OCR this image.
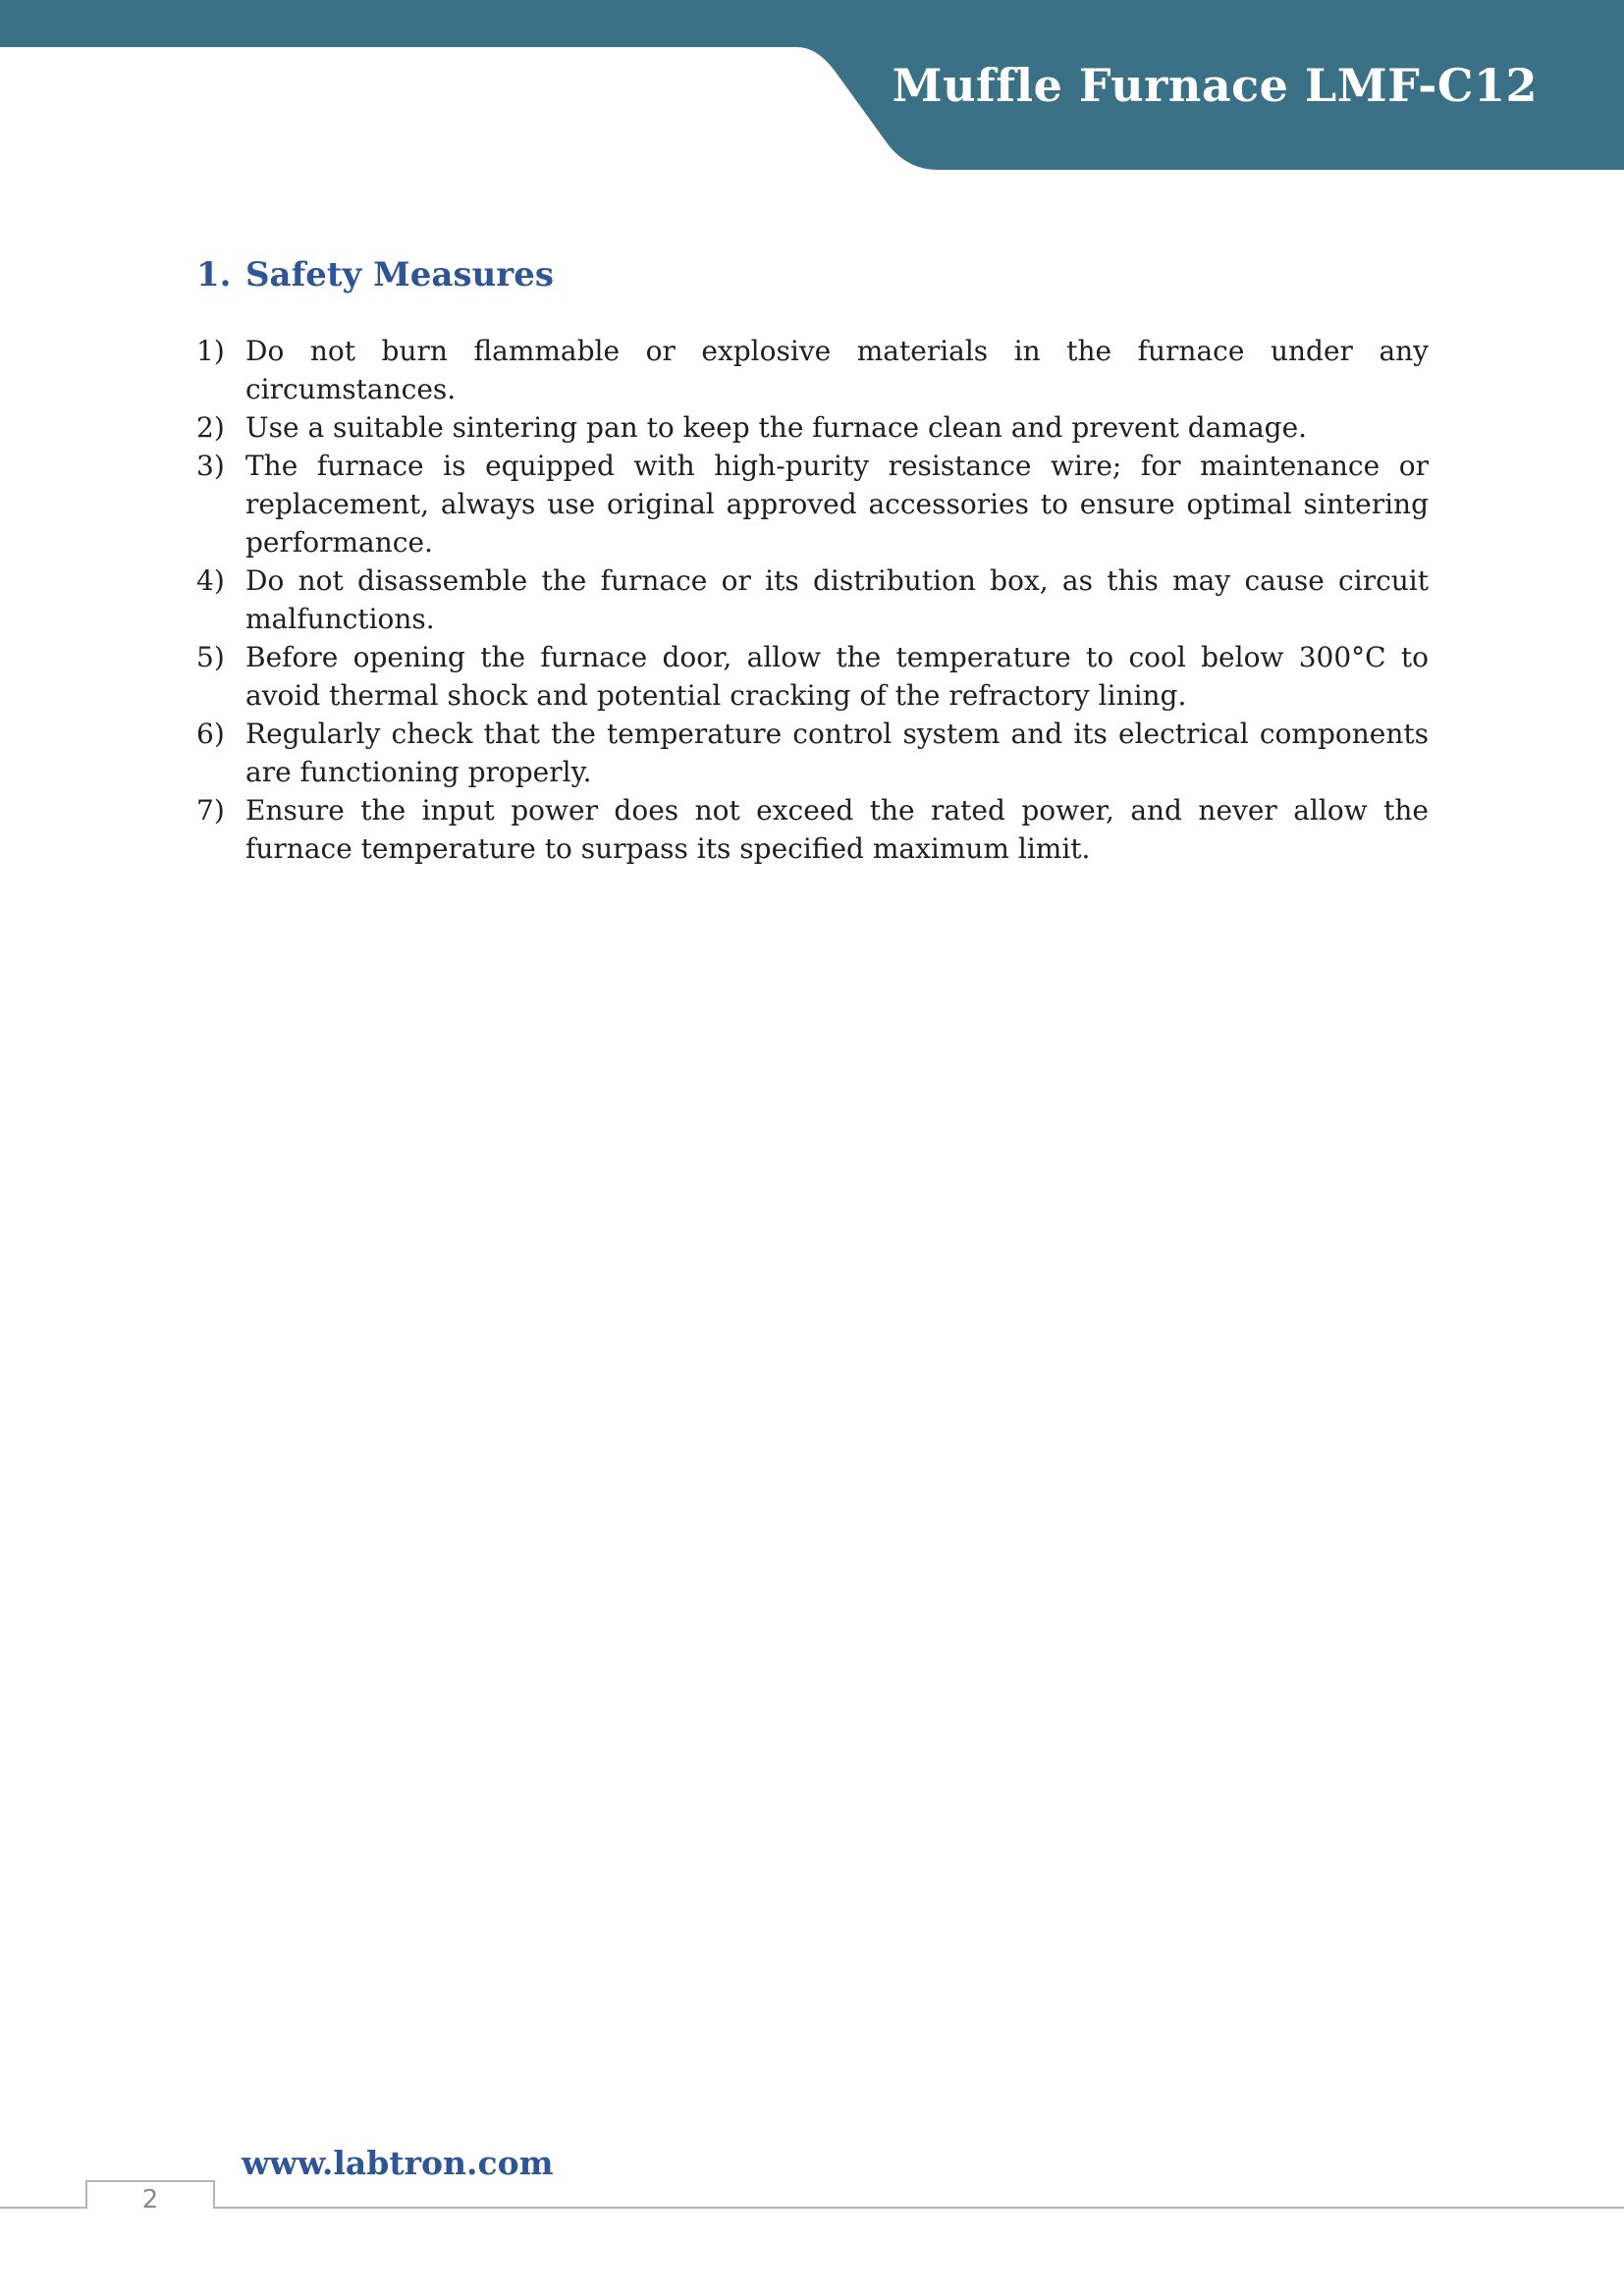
Muffle Furnace LMF-C12
1. Safety Measures
1) Do not burn flammable or explosive materials in the furnace under any circumstances.
2) Use a suitable sintering pan to keep the furnace clean and prevent damage.
3) The furnace is equipped with high-purity resistance wire; for maintenance or replacement, always use original approved accessories to ensure optimal sintering performance.
4) Do not disassemble the furnace or its distribution box, as this may cause circuit malfunctions.
5) Before opening the furnace door, allow the temperature to cool below 300°C to avoid thermal shock and potential cracking of the refractory lining.
6) Regularly check that the temperature control system and its electrical components are functioning properly.
7) Ensure the input power does not exceed the rated power, and never allow the furnace temperature to surpass its specified maximum limit.
www.labtron.com
2
